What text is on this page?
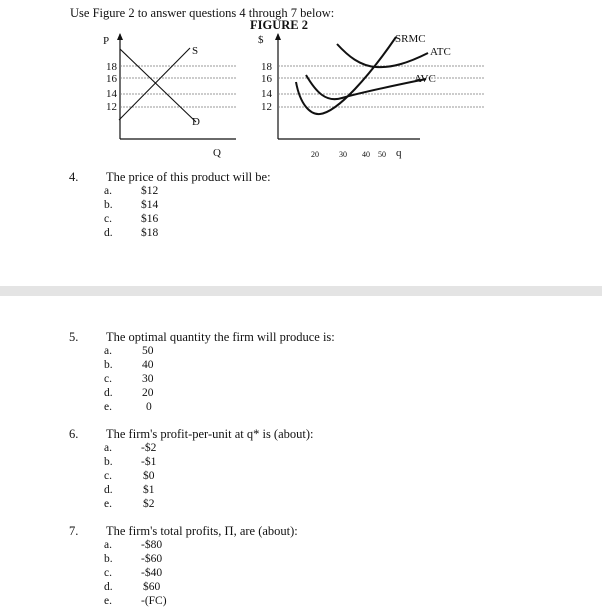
Use Figure 2 to answer questions 4 through 7 below:
FIGURE 2
P
Q
S
D
18
16
14
12
$
18
16
14
12
20	30 40 50 q
SRMC
ATC
AVC
4. The price of this product will be:
a.	$12
b. $14
c.	$16
d. $18
5. The optimal quantity the firm will produce is:
a.	50
b.	40
c.	30
d.	20
e.	0
6. The firm's profit-per-unit at q* is (about):
a.	-$2
b. -$1
c.	$0
d.	$1
e.	$2
7. The firm's total profits, Π, are (about):
a.	-$80
b. -$60
c.	-$40
d.	$60
e.	-(FC)
